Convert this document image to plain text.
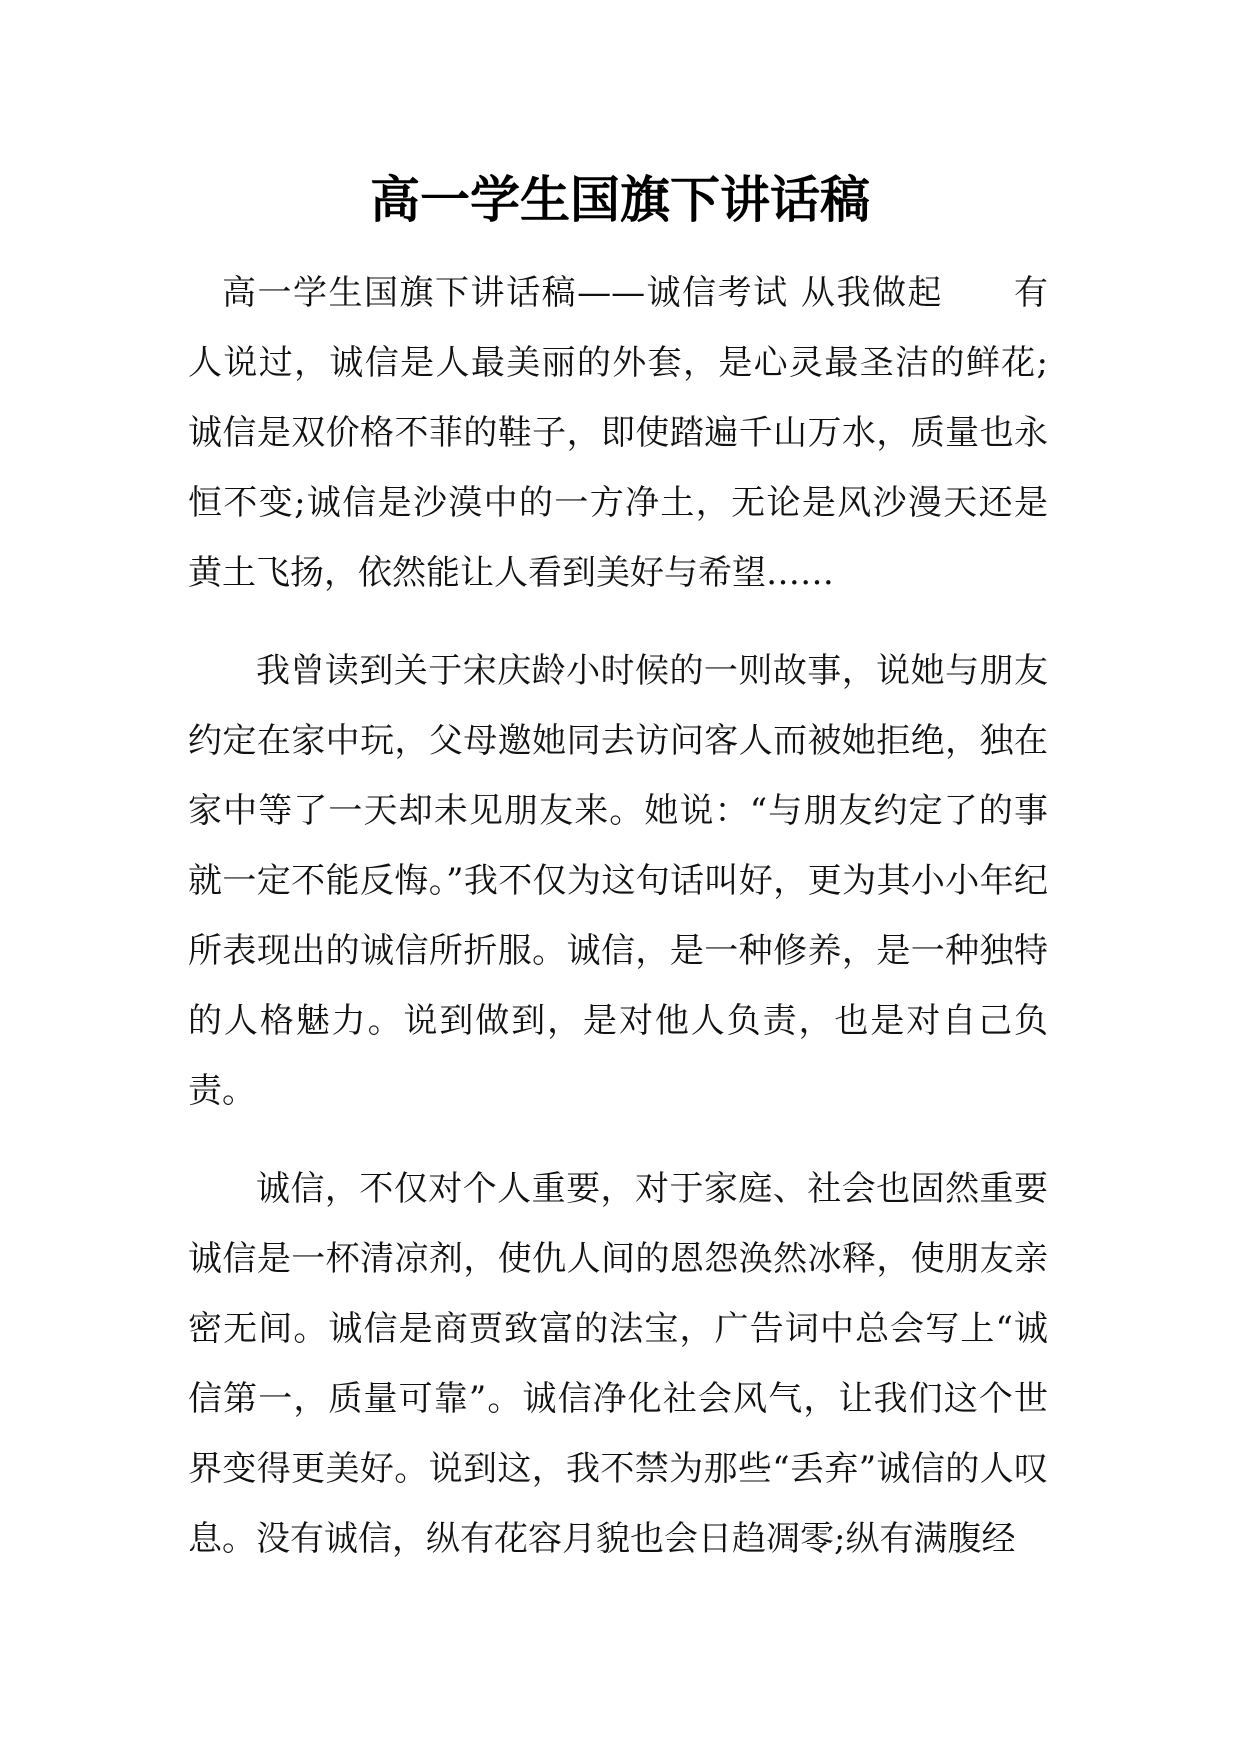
高一学生国旗下讲话稿

高一学生国旗下讲话稿——诚信考试 从我做起　　有人说过，诚信是人最美丽的外套，是心灵最圣洁的鲜花;诚信是双价格不菲的鞋子，即使踏遍千山万水，质量也永恒不变;诚信是沙漠中的一方净土，无论是风沙漫天还是黄土飞扬，依然能让人看到美好与希望……

我曾读到关于宋庆龄小时候的一则故事，说她与朋友约定在家中玩，父母邀她同去访问客人而被她拒绝，独在家中等了一天却未见朋友来。她说：“与朋友约定了的事就一定不能反悔。”我不仅为这句话叫好，更为其小小年纪所表现出的诚信所折服。诚信，是一种修养，是一种独特的人格魅力。说到做到，是对他人负责，也是对自己负责。

诚信，不仅对个人重要，对于家庭、社会也固然重要诚信是一杯清凉剂，使仇人间的恩怨涣然冰释，使朋友亲密无间。诚信是商贾致富的法宝，广告词中总会写上“诚信第一，质量可靠”。诚信净化社会风气，让我们这个世界变得更美好。说到这，我不禁为那些“丢弃”诚信的人叹息。没有诚信，纵有花容月貌也会日趋凋零;纵有满腹经
